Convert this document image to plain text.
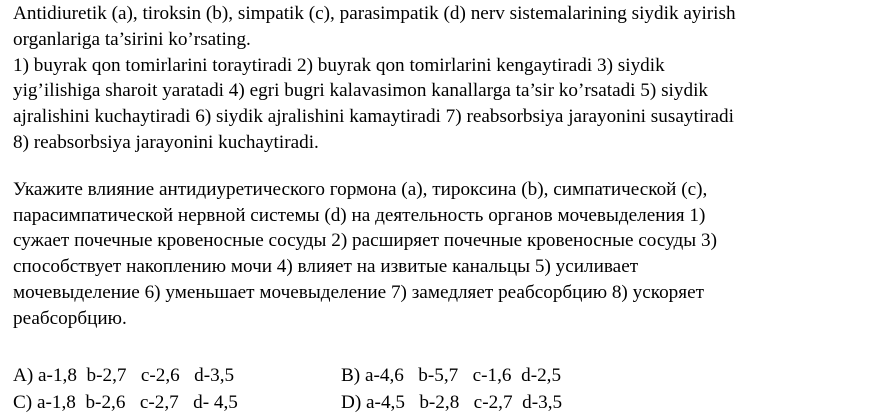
Antidiuretik (a), tiroksin (b), simpatik (c), parasimpatik (d) nerv sistemalarining siydik ayirish
organlariga ta’sirini ko’rsating.
1) buyrak qon tomirlarini toraytiradi 2) buyrak qon tomirlarini kengaytiradi 3) siydik
yig’ilishiga sharoit yaratadi 4) egri bugri kalavasimon kanallarga ta’sir ko’rsatadi 5) siydik
ajralishini kuchaytiradi 6) siydik ajralishini kamaytiradi 7) reabsorbsiya jarayonini susaytiradi
8) reabsorbsiya jarayonini kuchaytiradi.
Укажите влияние антидиуретического гормона (a), тироксина (b), симпатической (c),
парасимпатической нервной системы (d) на деятельность органов мочевыделения 1)
сужает почечные кровеносные сосуды 2) расширяет почечные кровеносные сосуды 3)
способствует накоплению мочи 4) влияет на извитые канальцы 5) усиливает
мочевыделение 6) уменьшает мочевыделение 7) замедляет реабсорбцию 8) ускоряет
реабсорбцию.
A) a-1,8  b-2,7   c-2,6   d-3,5	B) a-4,6   b-5,7   c-1,6  d-2,5
C) a-1,8  b-2,6   c-2,7   d- 4,5	D) a-4,5   b-2,8   c-2,7  d-3,5
